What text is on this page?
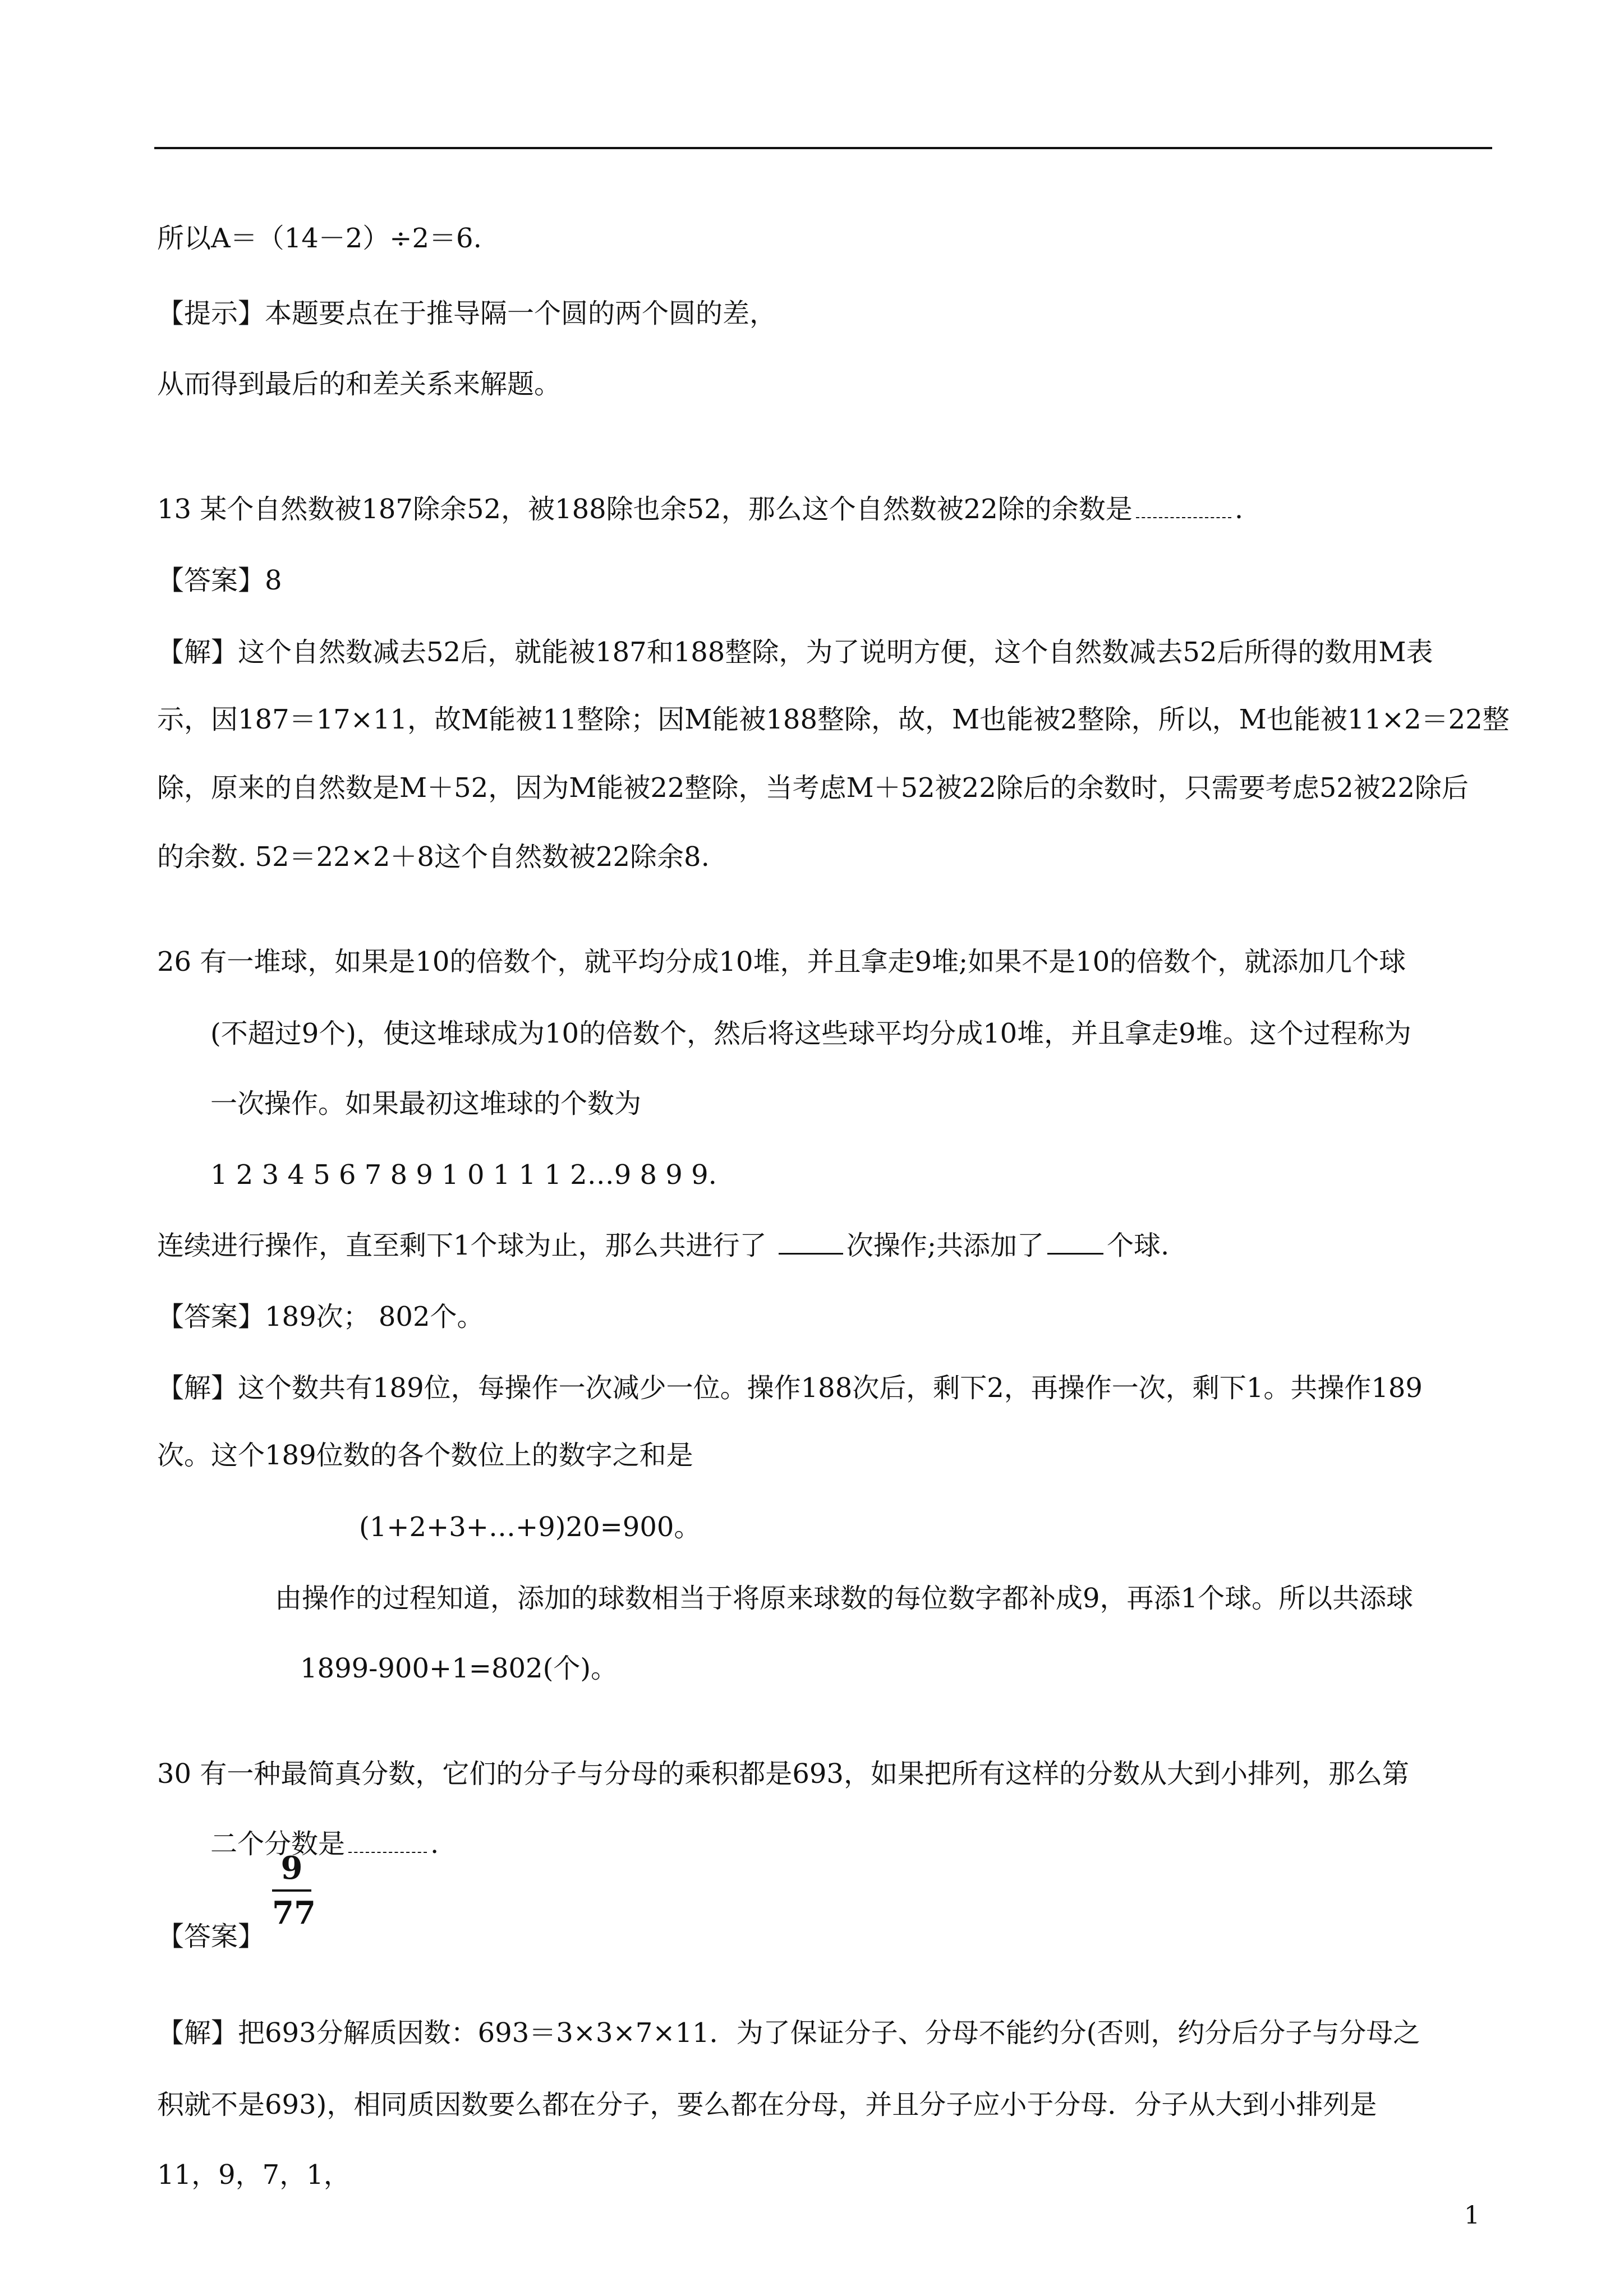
所以A＝（14－2）÷2＝6.
【提示】本题要点在于推导隔一个圆的两个圆的差，
从而得到最后的和差关系来解题。
13 某个自然数被187除余52，被188除也余52，那么这个自然数被22除的余数是	.
【答案】8
【解】这个自然数减去52后，就能被187和188整除，为了说明方便，这个自然数减去52后所得的数用M表
示，因187＝17×11，故M能被11整除；因M能被188整除，故，M也能被2整除，所以，M也能被11×2＝22整
除，原来的自然数是M＋52，因为M能被22整除，当考虑M＋52被22除后的余数时，只需要考虑52被22除后
的余数. 52＝22×2＋8这个自然数被22除余8.
26 有一堆球，如果是10的倍数个，就平均分成10堆，并且拿走9堆;如果不是10的倍数个，就添加几个球
(不超过9个)，使这堆球成为10的倍数个，然后将这些球平均分成10堆，并且拿走9堆。这个过程称为
一次操作。如果最初这堆球的个数为
1 2 3 4 5 6 7 8 9 1 0 1 1 1 2…9 8 9 9.
连续进行操作，直至剩下1个球为止，那么共进行了	次操作;共添加了 个球.
【答案】189次； 802个。
【解】这个数共有189位，每操作一次减少一位。操作188次后，剩下2，再操作一次，剩下1。共操作189
次。这个189位数的各个数位上的数字之和是
(1+2+3+…+9)20=900。
由操作的过程知道，添加的球数相当于将原来球数的每位数字都补成9，再添1个球。所以共添球
1899-900+1=802(个)。
30 有一种最简真分数，它们的分子与分母的乘积都是693，如果把所有这样的分数从大到小排列，那么第
二个分数是	.
【答案】
9
77
【解】把693分解质因数：693＝3×3×7×11．为了保证分子、分母不能约分(否则，约分后分子与分母之
积就不是693)，相同质因数要么都在分子，要么都在分母，并且分子应小于分母．分子从大到小排列是
11，9，7，1，
1
